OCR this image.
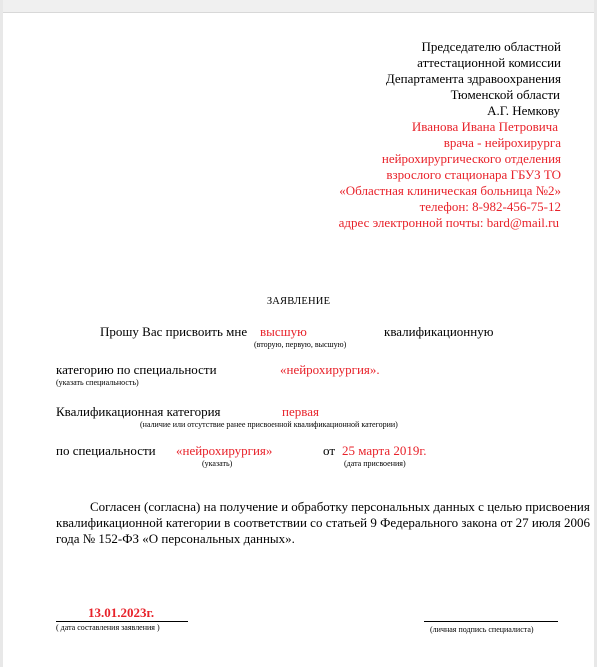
Председателю областной
аттестационной комиссии
Департамента здравоохранения
Тюменской области
А.Г. Немкову
Иванова Ивана Петровича
врача - нейрохирурга
нейрохирургического отделения
взрослого стационара ГБУЗ ТО
«Областная клиническая больница №2»
телефон: 8-982-456-75-12
адрес электронной почты: bard@mail.ru
ЗАЯВЛЕНИЕ
Прошу Вас присвоить мне высшую	квалификационную
(вторую, первую, высшую)
категорию по специальности	«нейрохирургия».
(указать специальность)
Квалификационная категория	первая
(наличие или отсутствие ранее присвоенной квалификационной категории)
по специальности «нейрохирургия»	от 25 марта 2019г.
(указать)	(дата присвоения)
Согласен (согласна) на получение и обработку персональных данных с целью присвоения
квалификационной категории в соответствии со статьей 9 Федерального закона от 27 июля 2006
года № 152-ФЗ «О персональных данных».
13.01.2023г.
( дата составления заявления )	(личная подпись специалиста)
